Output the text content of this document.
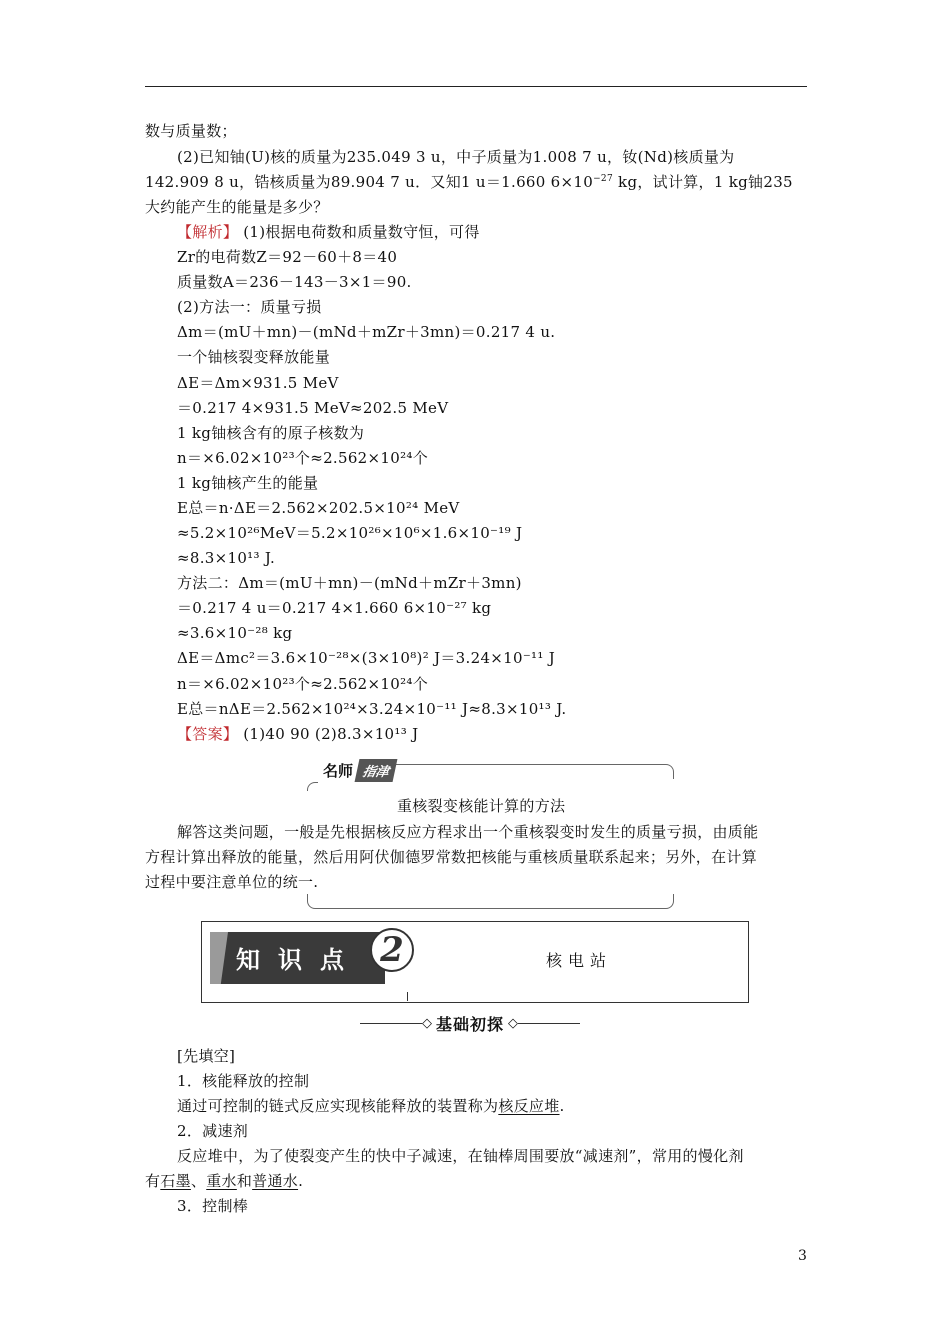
数与质量数；
(2)已知铀(U)核的质量为235.049 3 u，中子质量为1.008 7 u，钕(Nd)核质量为
142.909 8 u，锆核质量为89.904 7 u．又知1 u＝1.660 $6\times 10^{-27}$ kg，试计算，1 kg铀235
大约能产生的能量是多少？
【解析】 (1)根据电荷数和质量数守恒，可得
Zr的电荷数Z＝92－60＋8＝40
质量数A＝236－143－3×1＝90.
(2)方法一：质量亏损
Δm＝(mU＋mn)－(mNd＋mZr＋3mn)＝0.217 4 u.
一个铀核裂变释放能量
ΔE＝Δm×931.5 MeV
＝0.217 4×931.5 MeV≈202.5 MeV
1 kg铀核含有的原子核数为
n＝×6.02×10²³个≈2.562×10²⁴个
1 kg铀核产生的能量
E总＝n·ΔE＝2.562×202.5×10²⁴ MeV
≈5.2×10²⁶MeV＝5.2×10²⁶×10⁶×1.6×10⁻¹⁹ J
≈8.3×10¹³ J.
方法二：Δm＝(mU＋mn)－(mNd＋mZr＋3mn)
＝0.217 4 u＝0.217 4×1.660 6×10⁻²⁷ kg
≈3.6×10⁻²⁸ kg
ΔE＝Δmc²＝3.6×10⁻²⁸×(3×10⁸)² J＝3.24×10⁻¹¹ J
n＝×6.02×10²³个≈2.562×10²⁴个
E总＝nΔE＝2.562×10²⁴×3.24×10⁻¹¹ J≈8.3×10¹³ J.
【答案】 (1)40 90 (2)8.3×10¹³ J
名师 指津
重核裂变核能计算的方法
解答这类问题，一般是先根据核反应方程求出一个重核裂变时发生的质量亏损，由质能
方程计算出释放的能量，然后用阿伏伽德罗常数把核能与重核质量联系起来；另外，在计算
过程中要注意单位的统一.
知识点 2	核电站
◇ 基础初探 ◇
[先填空]
1．核能释放的控制
通过可控制的链式反应实现核能释放的装置称为核反应堆.
2．减速剂
反应堆中，为了使裂变产生的快中子减速，在铀棒周围要放“减速剂”，常用的慢化剂
有石墨、重水和普通水.
3．控制棒
3
